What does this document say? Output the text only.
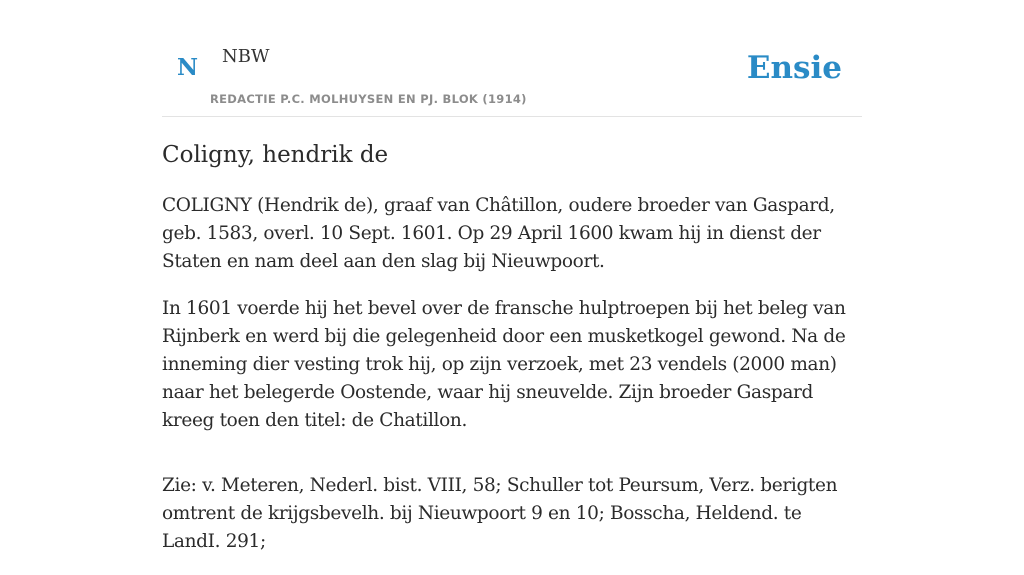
N NBW
REDACTIE P.C. MOLHUYSEN EN PJ. BLOK (1914)
Ensie
Coligny, hendrik de

COLIGNY (Hendrik de), graaf van Châtillon, oudere broeder van Gaspard, geb. 1583, overl. 10 Sept. 1601. Op 29 April 1600 kwam hij in dienst der Staten en nam deel aan den slag bij Nieuwpoort.

In 1601 voerde hij het bevel over de fransche hulptroepen bij het beleg van Rijnberk en werd bij die gelegenheid door een musketkogel gewond. Na de inneming dier vesting trok hij, op zijn verzoek, met 23 vendels (2000 man) naar het belegerde Oostende, waar hij sneuvelde. Zijn broeder Gaspard kreeg toen den titel: de Chatillon.

Zie: v. Meteren, Nederl. bist. VIII, 58; Schuller tot Peursum, Verz. berigten omtrent de krijgsbevelh. bij Nieuwpoort 9 en 10; Bosscha, Heldend. te LandI. 291;
